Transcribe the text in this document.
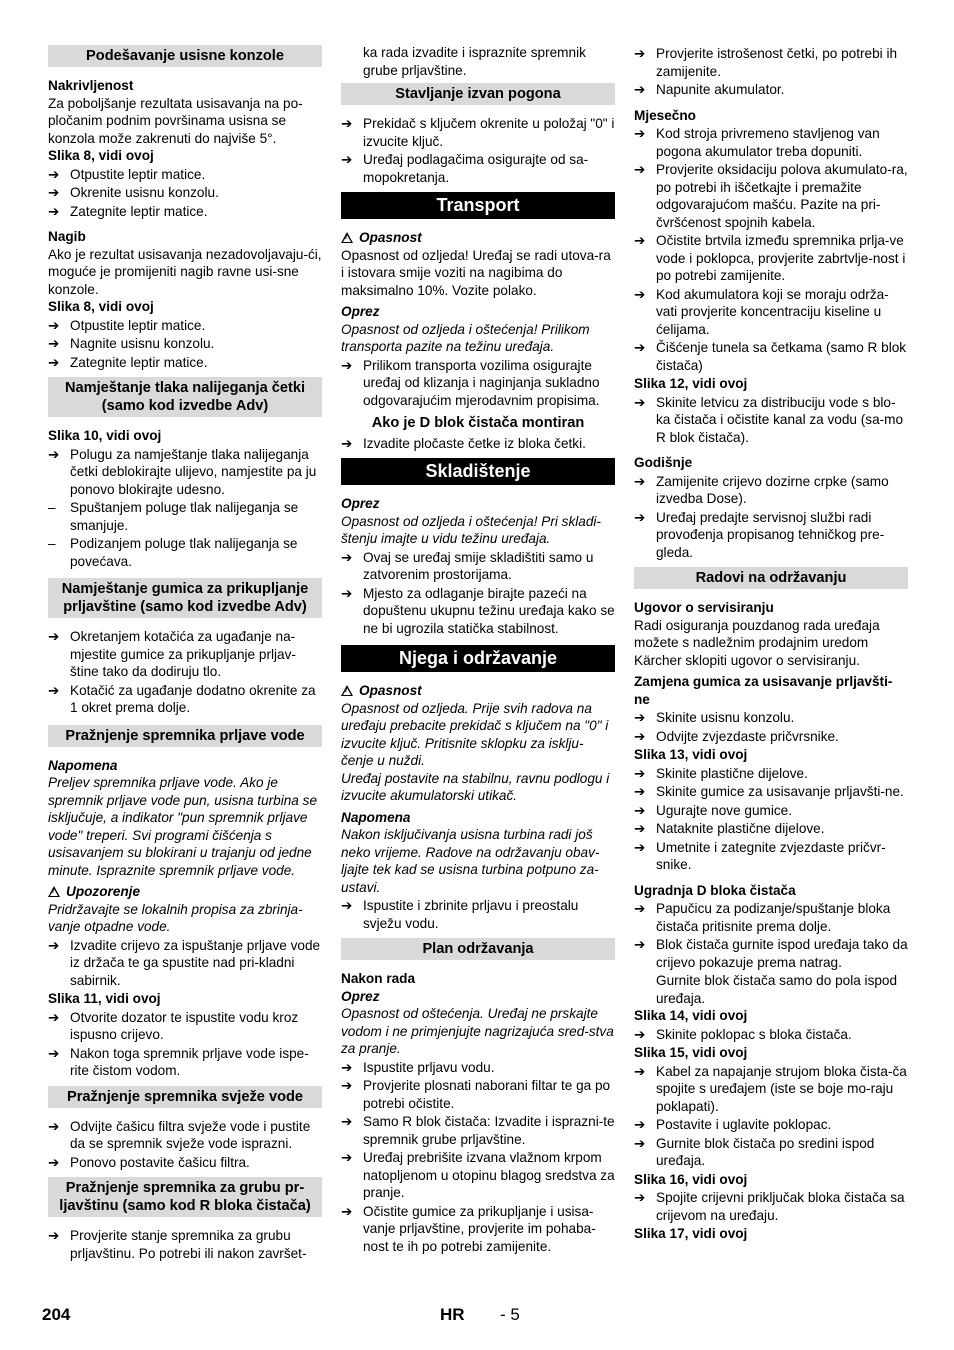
Podešavanje usisne konzole
Nakrivljenost
Za poboljšanje rezultata usisavanja na po-pločanim podnim površinama usisna se konzola može zakrenuti do najviše 5°.
Slika 8, vidi ovoj
➔ Otpustite leptir matice.
➔ Okrenite usisnu konzolu.
➔ Zategnite leptir matice.
Nagib
Ako je rezultat usisavanja nezadovoljavaju-ći, moguće je promijeniti nagib ravne usi-sne konzole.
Slika 8, vidi ovoj
➔ Otpustite leptir matice.
➔ Nagnite usisnu konzolu.
➔ Zategnite leptir matice.
Namještanje tlaka nalijeganja četki (samo kod izvedbe Adv)
Slika 10, vidi ovoj
➔ Polugu za namještanje tlaka nalijeganja četki deblokirajte ulijevo, namjestite pa ju ponovo blokirajte udesno.
– Spuštanjem poluge tlak nalijeganja se smanjuje.
– Podizanjem poluge tlak nalijeganja se povećava.
Namještanje gumica za prikupljanje prljavštine (samo kod izvedbe Adv)
➔ Okretanjem kotačića za ugađanje na-mjestite gumice za prikupljanje prljav-štine tako da dodiruju tlo.
➔ Kotačić za ugađanje dodatno okrenite za 1 okret prema dolje.
Pražnjenje spremnika prljave vode
Napomena
Preljev spremnika prljave vode. Ako je spremnik prljave vode pun, usisna turbina se isključuje, a indikator "pun spremnik prljave vode" treperi. Svi programi čišćenja s usisavanjem su blokirani u trajanju od jedne minute. Ispraznite spremnik prljave vode.
!Upozorenje
Pridržavajte se lokalnih propisa za zbrinja-vanje otpadne vode.
➔ Izvadite crijevo za ispuštanje prljave vode iz držača te ga spustite nad pri-kladni sabirnik.
Slika 11, vidi ovoj
➔ Otvorite dozator te ispustite vodu kroz ispusno crijevo.
➔ Nakon toga spremnik prljave vode ispe-rite čistom vodom.
Pražnjenje spremnika svježe vode
➔ Odvijte čašicu filtra svježe vode i pustite da se spremnik svježe vode isprazni.
➔ Ponovo postavite čašicu filtra.
Pražnjenje spremnika za grubu pr-ljavštinu (samo kod R bloka čistača)
➔ Provjerite stanje spremnika za grubu prljavštinu. Po potrebi ili nakon završet-
ka rada izvadite i ispraznite spremnik grube prljavštine.
Stavljanje izvan pogona
➔ Prekidač s ključem okrenite u položaj "0" i izvucite ključ.
➔ Uređaj podlagačima osigurajte od sa-mopokretanja.
Transport
!Opasnost
Opasnost od ozljeda! Uređaj se radi utova-ra i istovara smije voziti na nagibima do maksimalno 10%. Vozite polako.
Oprez
Opasnost od ozljeda i oštećenja! Prilikom transporta pazite na težinu uređaja.
➔ Prilikom transporta vozilima osigurajte uređaj od klizanja i naginjanja sukladno odgovarajućim mjerodavnim propisima.
Ako je D blok čistača montiran
➔ Izvadite pločaste četke iz bloka četki.
Skladištenje
Oprez
Opasnost od ozljeda i oštećenja! Pri skladi-štenju imajte u vidu težinu uređaja.
➔ Ovaj se uređaj smije skladištiti samo u zatvorenim prostorijama.
➔ Mjesto za odlaganje birajte pazeći na dopuštenu ukupnu težinu uređaja kako se ne bi ugrozila statička stabilnost.
Njega i održavanje
!Opasnost
Opasnost od ozljeda. Prije svih radova na uređaju prebacite prekidač s ključem na "0" i izvucite ključ. Pritisnite sklopku za isklju-čenje u nuždi.
Uređaj postavite na stabilnu, ravnu podlogu i izvucite akumulatorski utikač.
Napomena
Nakon isključivanja usisna turbina radi još neko vrijeme. Radove na održavanju obav-ljajte tek kad se usisna turbina potpuno za-ustavi.
➔ Ispustite i zbrinite prljavu i preostalu svježu vodu.
Plan održavanja
Nakon rada
Oprez
Opasnost od oštećenja. Uređaj ne prskajte vodom i ne primjenjujte nagrizajuća sred-stva za pranje.
➔ Ispustite prljavu vodu.
➔ Provjerite plosnati naborani filtar te ga po potrebi očistite.
➔ Samo R blok čistača: Izvadite i isprazni-te spremnik grube prljavštine.
➔ Uređaj prebrišite izvana vlažnom krpom natopljenom u otopinu blagog sredstva za pranje.
➔ Očistite gumice za prikupljanje i usisa-vanje prljavštine, provjerite im pohaba-nost te ih po potrebi zamijenite.
➔ Provjerite istrošenost četki, po potrebi ih zamijenite.
➔ Napunite akumulator.
Mjesečno
➔ Kod stroja privremeno stavljenog van pogona akumulator treba dopuniti.
➔ Provjerite oksidaciju polova akumulato-ra, po potrebi ih iščetkajte i premažite odgovarajućom mašću. Pazite na pri-čvršćenost spojnih kabela.
➔ Očistite brtvila između spremnika prlja-ve vode i poklopca, provjerite zabrtvlje-nost i po potrebi zamijenite.
➔ Kod akumulatora koji se moraju održa-vati provjerite koncentraciju kiseline u ćelijama.
➔ Čišćenje tunela sa četkama (samo R blok čistača)
Slika 12, vidi ovoj
➔ Skinite letvicu za distribuciju vode s blo-ka čistača i očistite kanal za vodu (sa-mo R blok čistača).
Godišnje
➔ Zamijenite crijevo dozirne crpke (samo izvedba Dose).
➔ Uređaj predajte servisnoj službi radi provođenja propisanog tehničkog pre-gleda.
Radovi na održavanju
Ugovor o servisiranju
Radi osiguranja pouzdanog rada uređaja možete s nadležnim prodajnim uredom Kärcher sklopiti ugovor o servisiranju.
Zamjena gumica za usisavanje prljavšti-ne
➔ Skinite usisnu konzolu.
➔ Odvijte zvjezdaste pričvrsnike.
Slika 13, vidi ovoj
➔ Skinite plastične dijelove.
➔ Skinite gumice za usisavanje prljavšti-ne.
➔ Ugurajte nove gumice.
➔ Nataknite plastične dijelove.
➔ Umetnite i zategnite zvjezdaste pričvr-snike.
Ugradnja D bloka čistača
➔ Papučicu za podizanje/spuštanje bloka čistača pritisnite prema dolje.
➔ Blok čistača gurnite ispod uređaja tako da crijevo pokazuje prema natrag.
Gurnite blok čistača samo do pola ispod uređaja.
Slika 14, vidi ovoj
➔ Skinite poklopac s bloka čistača.
Slika 15, vidi ovoj
➔ Kabel za napajanje strujom bloka čista-ča spojite s uređajem (iste se boje mo-raju poklapati).
➔ Postavite i uglavite poklopac.
➔ Gurnite blok čistača po sredini ispod uređaja.
Slika 16, vidi ovoj
➔ Spojite crijevni priključak bloka čistača sa crijevom na uređaju.
Slika 17, vidi ovoj
204	HR - 5
